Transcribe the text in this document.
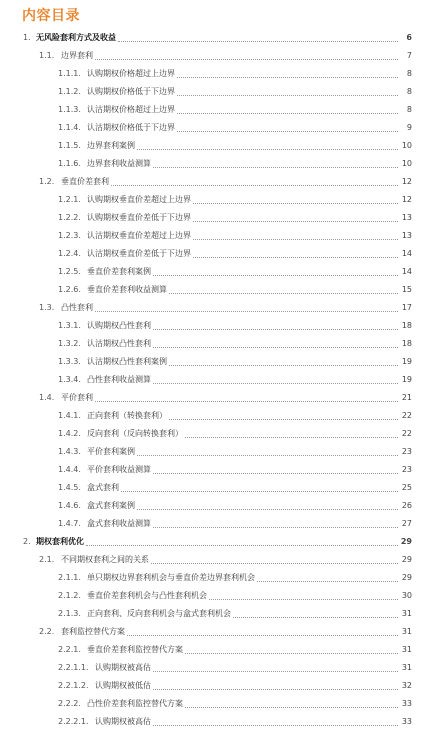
内容目录
1. 无风险套利方式及收益	6
1.1. 边界套利	7
1.1.1. 认购期权价格超过上边界	8
1.1.2. 认购期权价格低于下边界	8
1.1.3. 认沽期权价格超过上边界	8
1.1.4. 认沽期权价格低于下边界	9
1.1.5. 边界套利案例	10
1.1.6. 边界套利收益测算	10
1.2. 垂直价差套利	12
1.2.1. 认购期权垂直价差超过上边界	12
1.2.2. 认购期权垂直价差低于下边界	13
1.2.3. 认沽期权垂直价差超过上边界	13
1.2.4. 认沽期权垂直价差低于下边界	14
1.2.5. 垂直价差套利案例	14
1.2.6. 垂直价差套利收益测算	15
1.3. 凸性套利	17
1.3.1. 认购期权凸性套利	18
1.3.2. 认沽期权凸性套利	18
1.3.3. 认沽期权凸性套利案例	19
1.3.4. 凸性套利收益测算	19
1.4. 平价套利	21
1.4.1. 正向套利（转换套利）	22
1.4.2. 反向套利（反向转换套利）	22
1.4.3. 平价套利案例	23
1.4.4. 平价套利收益测算	23
1.4.5. 盒式套利	25
1.4.6. 盒式套利案例	26
1.4.7. 盒式套利收益测算	27
2. 期权套利优化	29
2.1. 不同期权套利之间的关系	29
2.1.1. 单只期权边界套利机会与垂直价差边界套利机会	29
2.1.2. 垂直价差套利机会与凸性套利机会	30
2.1.3. 正向套利、反向套利机会与盒式套利机会	31
2.2. 套利监控替代方案	31
2.2.1. 垂直价差套利监控替代方案	31
2.2.1.1. 认购期权被高估	31
2.2.1.2. 认购期权被低估	32
2.2.2. 凸性价差套利监控替代方案	33
2.2.2.1. 认购期权被高估	33
